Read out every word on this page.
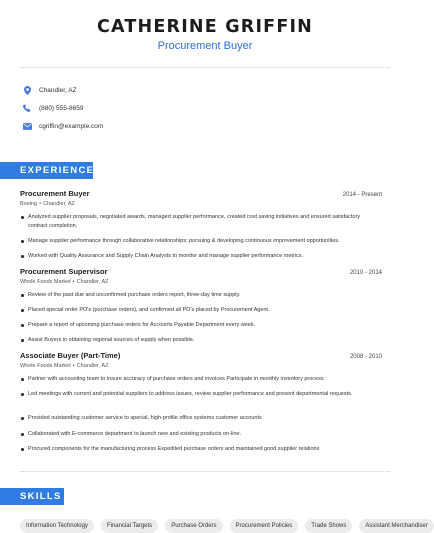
CATHERINE GRIFFIN
Procurement Buyer
Chandler, AZ
(880) 555-8659
cgriffin@example.com
EXPERIENCE
Procurement Buyer	2014 - Present
Boeing • Chandler, AZ
Analyzed supplier proposals, negotiated awards, managed supplier performance, created cost saving initiatives and ensured satisfactory contract completion.
Manage supplier performance through collaborative relationships; pursuing & developing continuous improvement opportunities.
Worked with Quality Assurance and Supply Chain Analysts to monitor and manage supplier performance metrics.
Procurement Supervisor	2010 - 2014
Whole Foods Market • Chandler, AZ
Review of the past due and unconfirmed purchase orders report, three-day time supply.
Placed special order PO's (purchase orders), and confirmed all PO's placed by Procurement Agent.
Prepare a report of upcoming purchase orders for Accounts Payable Department every week.
Assist Buyers in obtaining regional sources of supply when possible.
Associate Buyer (Part-Time)	2008 - 2010
Whole Foods Market • Chandler, AZ
Partner with accounting team to insure accuracy of purchase orders and invoices Participate in monthly inventory process
Led meetings with current and potential suppliers to address issues, review supplier performance and present departmental requests.
Provided outstanding customer service to special, high-profile office systems customer accounts
Collaborated with E-commerce department to launch new and existing products on-line.
Procured components for the manufacturing process Expedited purchase orders and maintained good supplier relations
SKILLS
Information Technology	Financial Targets	Purchase Orders	Procurement Policies	Trade Shows	Assistant Merchandiser
